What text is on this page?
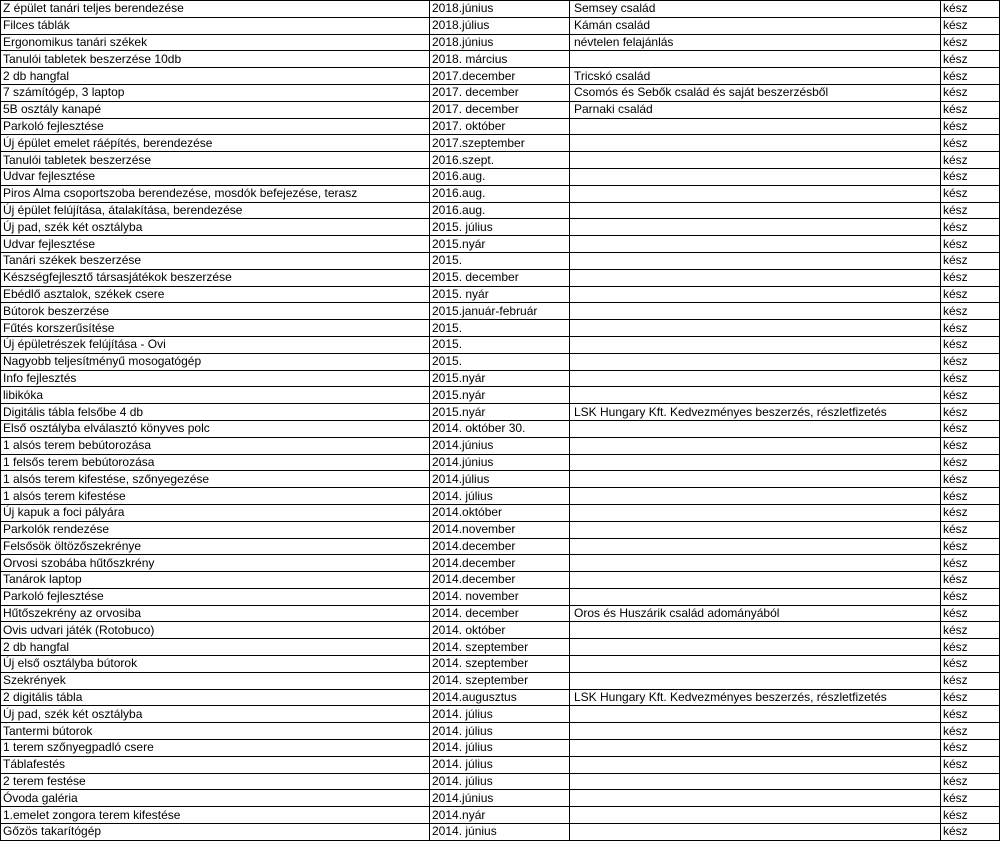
Z épület tanári teljes berendezése	2018.június	Semsey család	kész
Filces táblák	2018.július	Kámán család	kész
Ergonomikus tanári székek	2018.június	névtelen felajánlás	kész
Tanulói tabletek beszerzése 10db	2018. március		kész
2 db hangfal	2017.december	Tricskó család	kész
7 számítógép, 3 laptop	2017. december	Csomós és Sebők család és saját beszerzésből	kész
5B osztály kanapé	2017. december	Parnaki család	kész
Parkoló fejlesztése	2017. október		kész
Új épület emelet ráépítés, berendezése	2017.szeptember		kész
Tanulói tabletek beszerzése	2016.szept.		kész
Udvar fejlesztése	2016.aug.		kész
Piros Alma csoportszoba berendezése, mosdók befejezése, terasz	2016.aug.		kész
Új épület felújítása, átalakítása, berendezése	2016.aug.		kész
Új pad, szék két osztályba	2015. július		kész
Udvar fejlesztése	2015.nyár		kész
Tanári székek beszerzése	2015.		kész
Készségfejlesztő társasjátékok beszerzése	2015. december		kész
Ebédlő asztalok, székek csere	2015. nyár		kész
Bútorok beszerzése	2015.január-február		kész
Fűtés korszerűsítése	2015.		kész
Új épületrészek felújítása - Ovi	2015.		kész
Nagyobb teljesítményű mosogatógép	2015.		kész
Info fejlesztés	2015.nyár		kész
libikóka	2015.nyár		kész
Digitális tábla felsőbe 4 db	2015.nyár	LSK Hungary Kft. Kedvezményes beszerzés, részletfizetés	kész
Első osztályba elválasztó könyves polc	2014. október 30.		kész
1 alsós terem bebútorozása	2014.június		kész
1 felsős terem bebútorozása	2014.június		kész
1 alsós terem kifestése, szőnyegezése	2014.július		kész
1 alsós terem kifestése	2014. július		kész
Új kapuk a foci pályára	2014.október		kész
Parkolók rendezése	2014.november		kész
Felsősök öltözőszekrénye	2014.december		kész
Orvosi szobába hűtőszkrény	2014.december		kész
Tanárok laptop	2014.december		kész
Parkoló fejlesztése	2014. november		kész
Hűtőszekrény az orvosiba	2014. december	Oros és Huszárik család adományából	kész
Ovis udvari játék (Rotobuco)	2014. október		kész
2 db hangfal	2014. szeptember		kész
Új első osztályba bútorok	2014. szeptember		kész
Szekrények	2014. szeptember		kész
2 digitális tábla	2014.augusztus	LSK Hungary Kft. Kedvezményes beszerzés, részletfizetés	kész
Új pad, szék két osztályba	2014. július		kész
Tantermi bútorok	2014. július		kész
1 terem szőnyegpadló csere	2014. július		kész
Táblafestés	2014. július		kész
2 terem festése	2014. július		kész
Óvoda galéria	2014.június		kész
1.emelet zongora terem kifestése	2014.nyár		kész
Gőzös takarítógép	2014. június		kész
